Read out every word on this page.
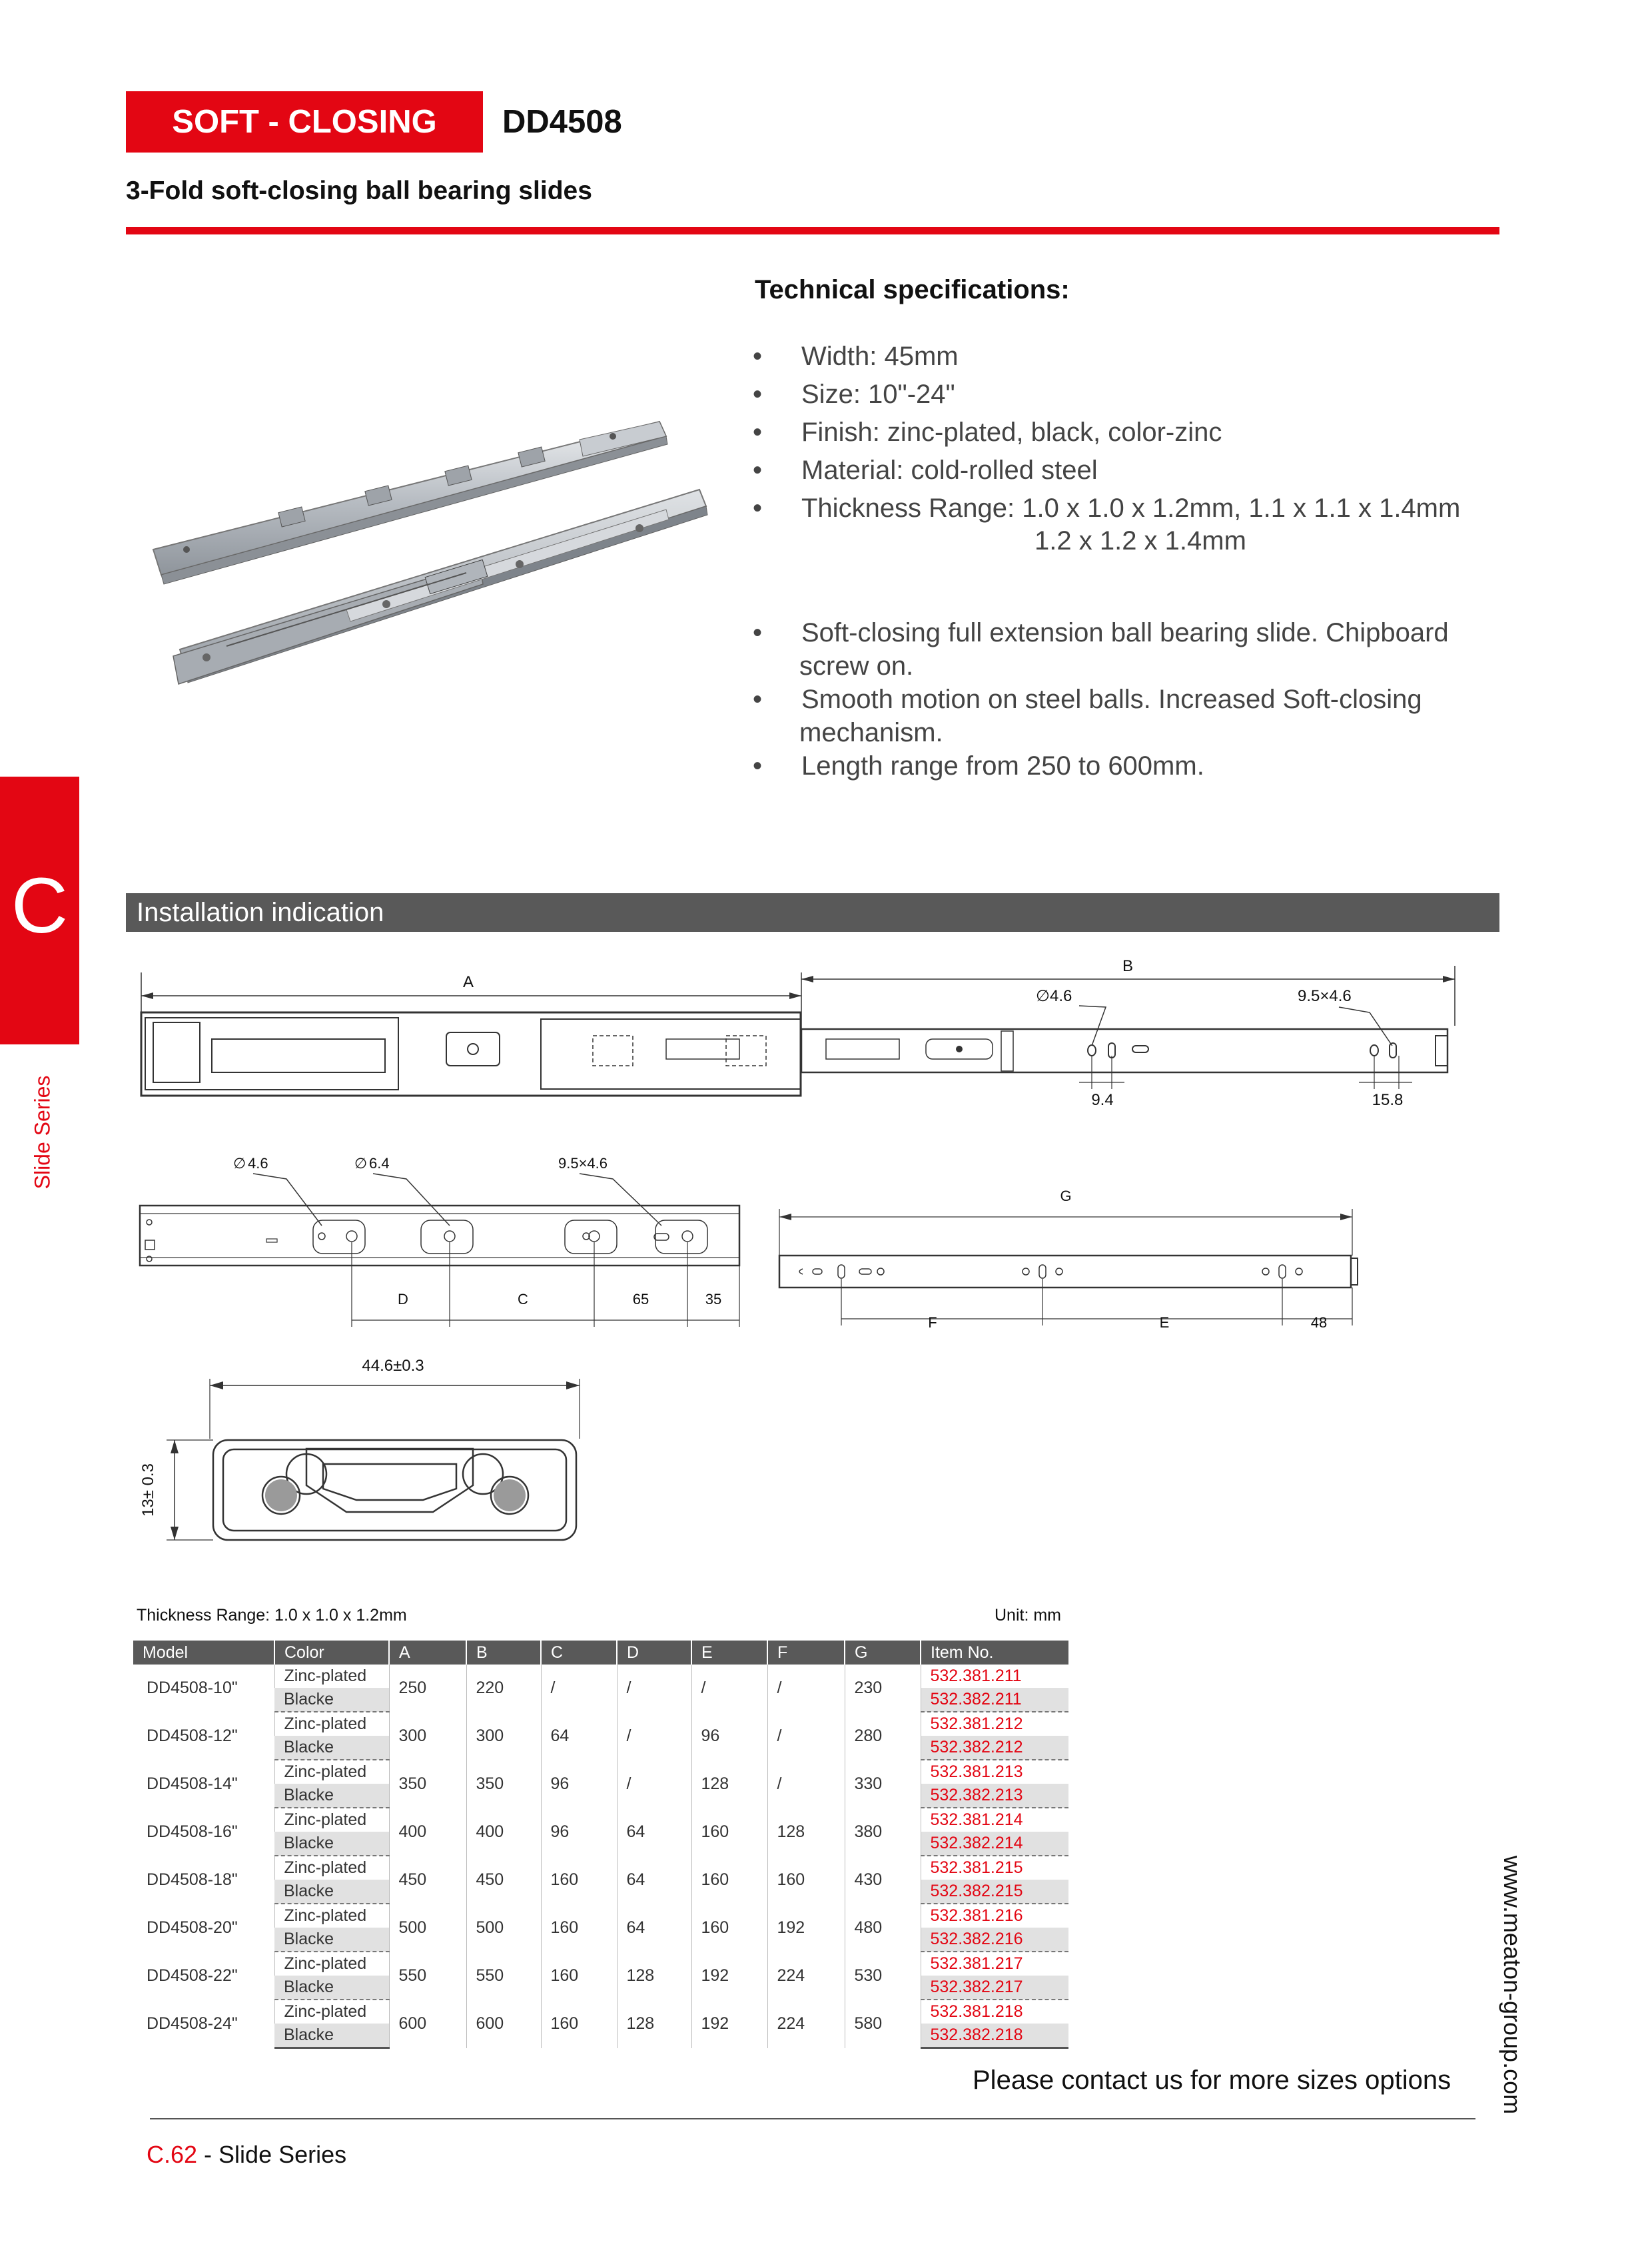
SOFT - CLOSING	DD4508
3-Fold soft-closing ball bearing slides
C
Slide Series
Technical specifications:
• Width: 45mm
• Size: 10"-24"
• Finish: zinc-plated, black, color-zinc
• Material: cold-rolled steel
• Thickness Range: 1.0 x 1.0 x 1.2mm, 1.1 x 1.1 x 1.4mm
1.2 x 1.2 x 1.4mm
• Soft-closing full extension ball bearing slide. Chipboard
screw on.
• Smooth motion on steel balls. Increased Soft-closing
mechanism.
• Length range from 250 to 600mm.
Installation indication
A
B
∅ 4.6	9.5×4.6
9.4	15.8
∅ 4.6	∅ 6.4	9.5×4.6
D	C	65	35
G
F	E	48
44.6±0.3
13± 0.3
Thickness Range: 1.0 x 1.0 x 1.2mm	Unit: mm
Model	Color	A	B	C	D	E	F	G	Item No.
DD4508-10"	Zinc-plated	250	220	/	/	/	/	230	532.381.211
	Blacke								532.382.211
DD4508-12"	Zinc-plated	300	300	64	/	96	/	280	532.381.212
	Blacke								532.382.212
DD4508-14"	Zinc-plated	350	350	96	/	128	/	330	532.381.213
	Blacke								532.382.213
DD4508-16"	Zinc-plated	400	400	96	64	160	128	380	532.381.214
	Blacke								532.382.214
DD4508-18"	Zinc-plated	450	450	160	64	160	160	430	532.381.215
	Blacke								532.382.215
DD4508-20"	Zinc-plated	500	500	160	64	160	192	480	532.381.216
	Blacke								532.382.216
DD4508-22"	Zinc-plated	550	550	160	128	192	224	530	532.381.217
	Blacke								532.382.217
DD4508-24"	Zinc-plated	600	600	160	128	192	224	580	532.381.218
	Blacke								532.382.218
Please contact us for more sizes options www.meaton-group.com
C.62 - Slide Series
